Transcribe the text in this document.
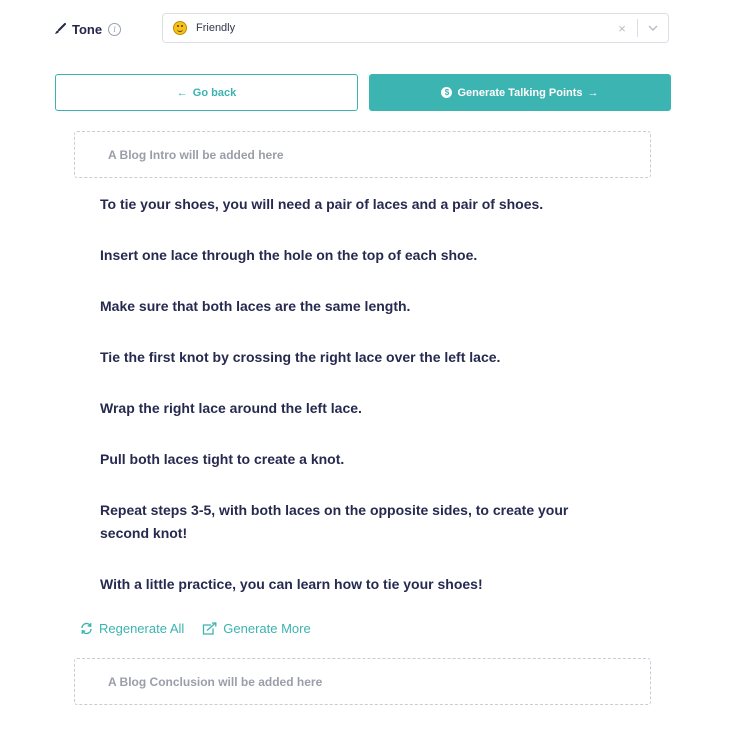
Tone	i	Friendly	×
← Go back	$ Generate Talking Points →
A Blog Intro will be added here
To tie your shoes, you will need a pair of laces and a pair of shoes.
Insert one lace through the hole on the top of each shoe.
Make sure that both laces are the same length.
Tie the first knot by crossing the right lace over the left lace.
Wrap the right lace around the left lace.
Pull both laces tight to create a knot.
Repeat steps 3-5, with both laces on the opposite sides, to create your second knot!
With a little practice, you can learn how to tie your shoes!
Regenerate All	Generate More
A Blog Conclusion will be added here
